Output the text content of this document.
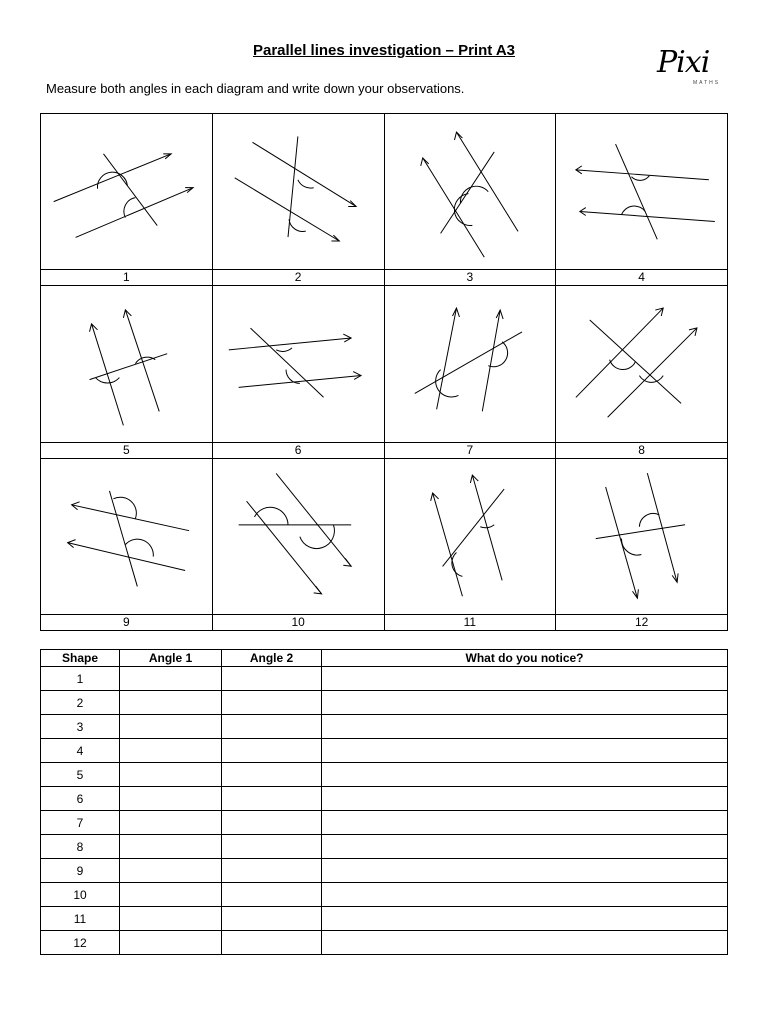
Parallel lines investigation – Print A3	Pixi
MATHS
Measure both angles in each diagram and write down your observations.
1	2	3	4
5	6	7	8
9	10	11	12
Shape	Angle 1	Angle 2	What do you notice?
1			
2			
3			
4			
5			
6			
7			
8			
9			
10			
11			
12			
